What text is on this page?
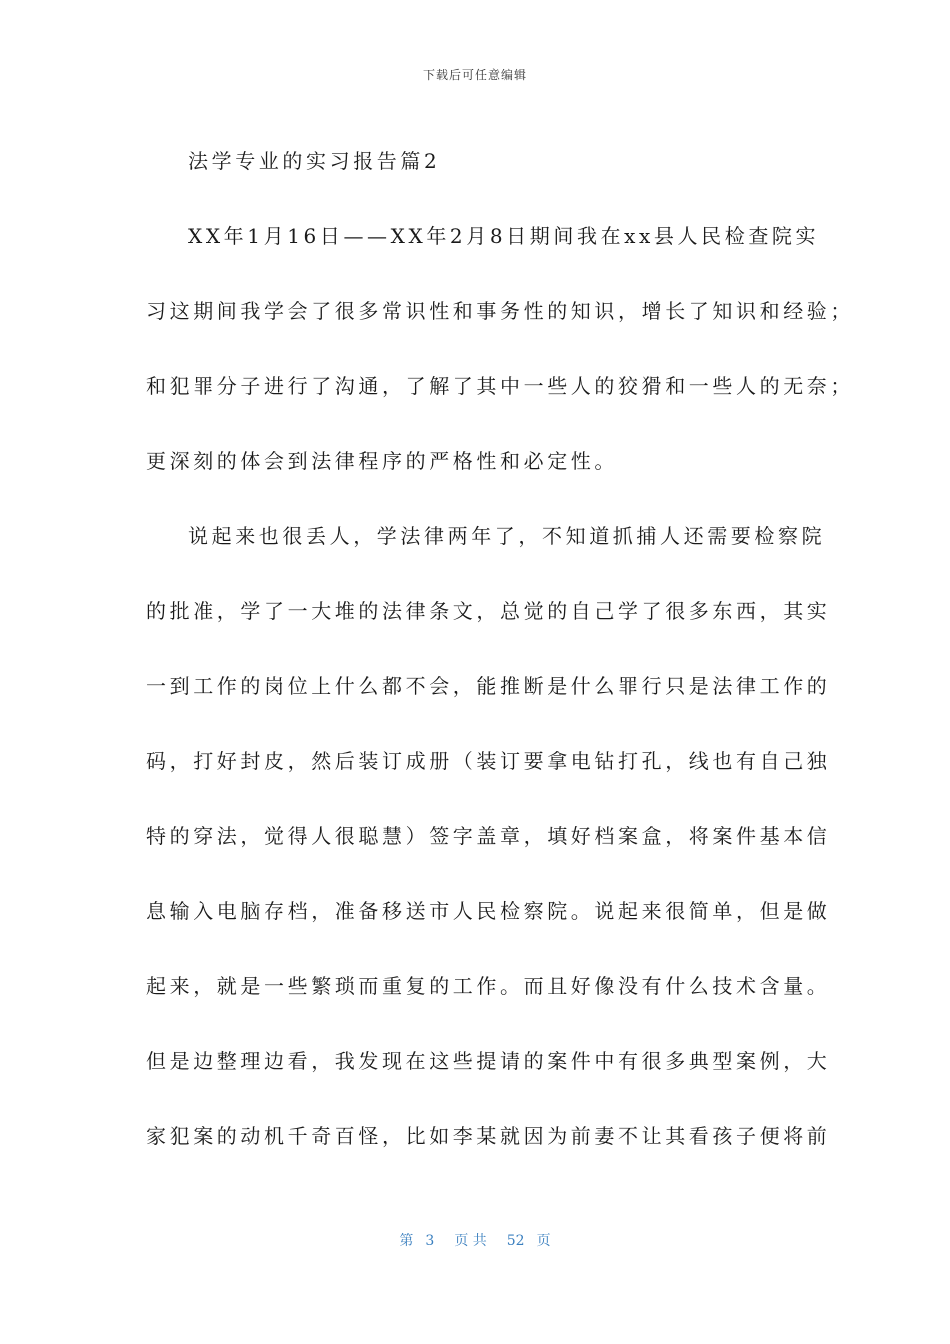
下载后可任意编辑
法学专业的实习报告篇2
XX年1月16日——XX年2月8日期间我在xx县人民检查院实
习这期间我学会了很多常识性和事务性的知识，增长了知识和经验；
和犯罪分子进行了沟通，了解了其中一些人的狡猾和一些人的无奈；
更深刻的体会到法律程序的严格性和必定性。
说起来也很丢人，学法律两年了，不知道抓捕人还需要检察院
的批准，学了一大堆的法律条文，总觉的自己学了很多东西，其实
一到工作的岗位上什么都不会，能推断是什么罪行只是法律工作的
码，打好封皮，然后装订成册（装订要拿电钻打孔，线也有自己独
特的穿法，觉得人很聪慧）签字盖章，填好档案盒，将案件基本信
息输入电脑存档，准备移送市人民检察院。说起来很简单，但是做
起来，就是一些繁琐而重复的工作。而且好像没有什么技术含量。
但是边整理边看，我发现在这些提请的案件中有很多典型案例，大
家犯案的动机千奇百怪，比如李某就因为前妻不让其看孩子便将前
第 3 页 共 52 页
